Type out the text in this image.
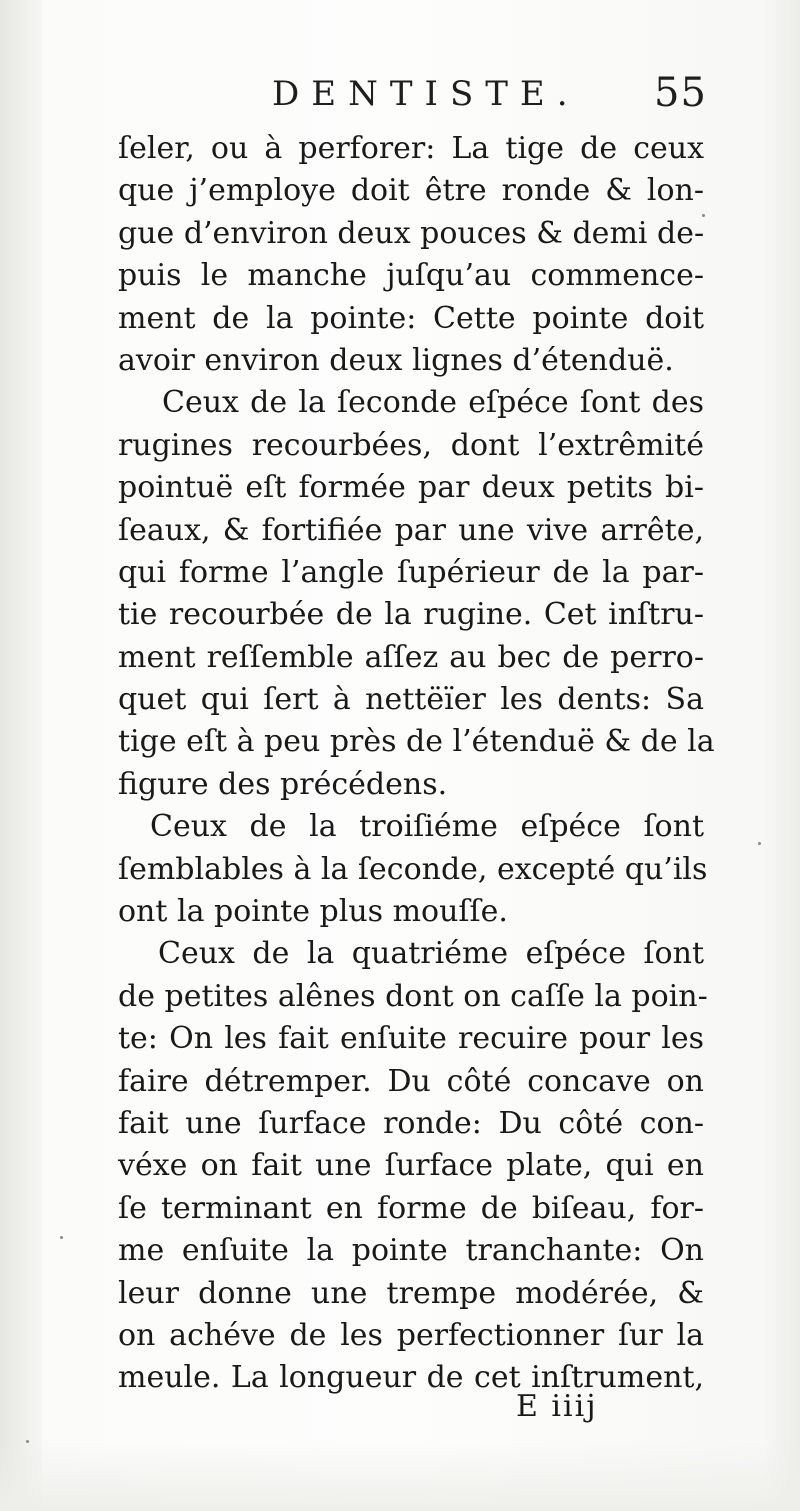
DENTISTE. 55
ſeler, ou à perforer: La tige de ceux
que j’employe doit être ronde & lon-
gue d’environ deux pouces & demi de-
puis le manche juſqu’au commence-
ment de la pointe: Cette pointe doit
avoir environ deux lignes d’étenduë.
Ceux de la ſeconde eſpéce ſont des
rugines recourbées, dont l’extrêmité
pointuë eſt formée par deux petits bi-
ſeaux, & fortifiée par une vive arrête,
qui forme l’angle ſupérieur de la par-
tie recourbée de la rugine. Cet inſtru-
ment reſſemble aſſez au bec de perro-
quet qui ſert à nettëïer les dents: Sa
tige eſt à peu près de l’étenduë & de la
figure des précédens.
Ceux de la troiſiéme eſpéce ſont
ſemblables à la ſeconde, excepté qu’ils
ont la pointe plus mouſſe.
Ceux de la quatriéme eſpéce ſont
de petites alênes dont on caſſe la poin-
te: On les fait enſuite recuire pour les
faire détremper. Du côté concave on
fait une ſurface ronde: Du côté con-
véxe on fait une ſurface plate, qui en
ſe terminant en forme de biſeau, for-
me enſuite la pointe tranchante: On
leur donne une trempe modérée, &
on achéve de les perfectionner ſur la
meule. La longueur de cet inſtrument,
E iiij
